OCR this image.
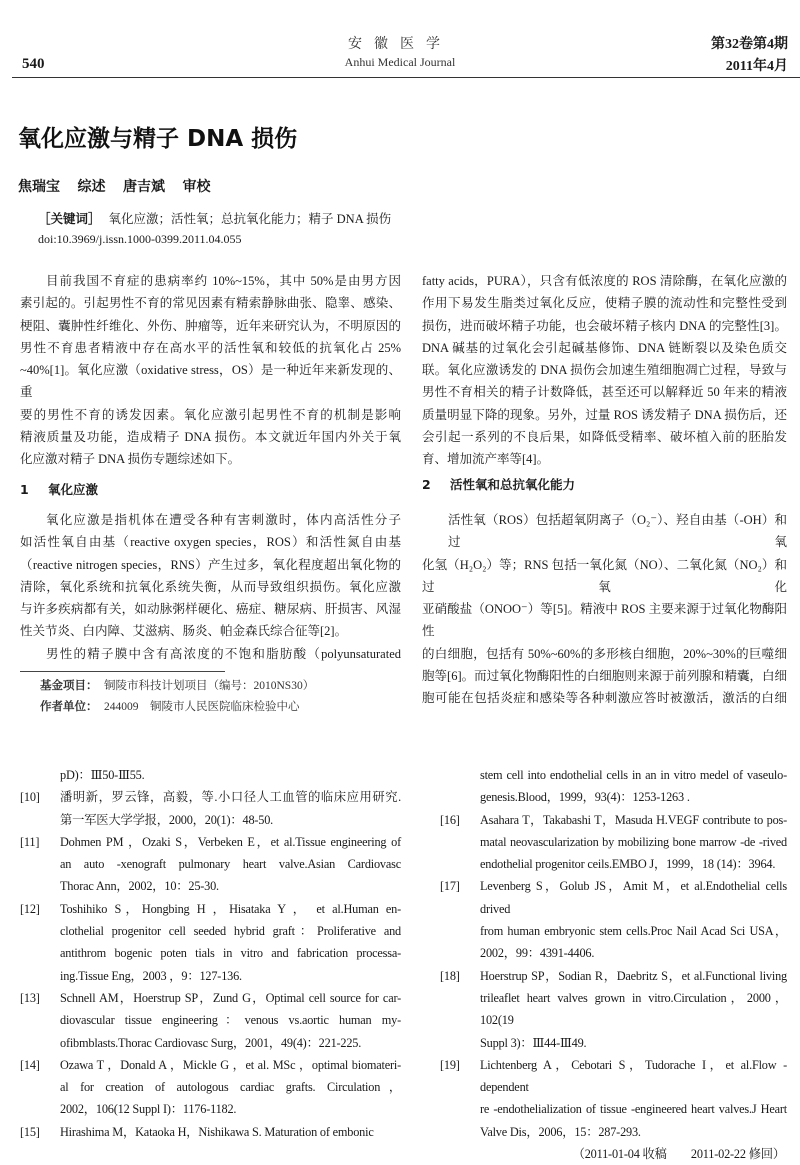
安徽医学
Anhui Medical Journal
540
第32卷第4期
2011年4月
氧化应激与精子 DNA 损伤
焦瑞宝 综述 唐吉斌 审校
［关键词］ 氧化应激；活性氧；总抗氧化能力；精子 DNA 损伤
doi:10.3969/j.issn.1000-0399.2011.04.055
目前我国不育症的患病率约 10%~15%，其中 50%是由男方因
素引起的。引起男性不育的常见因素有精索静脉曲张、隐睾、感染、
梗阻、囊肿性纤维化、外伤、肿瘤等，近年来研究认为，不明原因的
男性不育患者精液中存在高水平的活性氧和较低的抗氧化占 25%
~40%[1]。氧化应激（oxidative stress，OS）是一种近年来新发现的、重
要的男性不育的诱发因素。氧化应激引起男性不育的机制是影响
精液质量及功能，造成精子 DNA 损伤。本文就近年国内外关于氧
化应激对精子 DNA 损伤专题综述如下。
1 氧化应激
氧化应激是指机体在遭受各种有害刺激时，体内高活性分子
如活性氧自由基（reactive oxygen species，ROS）和活性氮自由基
（reactive nitrogen species，RNS）产生过多，氧化程度超出氧化物的
清除，氧化系统和抗氧化系统失衡，从而导致组织损伤。氧化应激
与许多疾病都有关，如动脉粥样硬化、癌症、糖尿病、肝损害、风湿
性关节炎、白内障、艾滋病、肠炎、帕金森氏综合征等[2]。
男性的精子膜中含有高浓度的不饱和脂肪酸（polyunsaturated
基金项目： 铜陵市科技计划项目（编号：2010NS30）
作者单位： 244009　铜陵市人民医院临床检验中心
fatty acids，PURA），只含有低浓度的 ROS 清除酶，在氧化应激的
作用下易发生脂类过氧化反应，使精子膜的流动性和完整性受到
损伤，进而破坏精子功能，也会破坏精子核内 DNA 的完整性[3]。
DNA 碱基的过氧化会引起碱基修饰、DNA 链断裂以及染色质交
联。氧化应激诱发的 DNA 损伤会加速生殖细胞凋亡过程，导致与
男性不育相关的精子计数降低，甚至还可以解释近 50 年来的精液
质量明显下降的现象。另外，过量 ROS 诱发精子 DNA 损伤后，还
会引起一系列的不良后果，如降低受精率、破坏植入前的胚胎发
育、增加流产率等[4]。
2 活性氧和总抗氧化能力
活性氧（ROS）包括超氧阴离子（O₂⁻）、羟自由基（-OH）和过氧
化氢（H₂O₂）等；RNS 包括一氧化氮（NO）、二氧化氮（NO₂）和过氧化
亚硝酸盐（ONOO⁻）等[5]。精液中 ROS 主要来源于过氧化物酶阳性
的白细胞，包括有 50%~60%的多形核白细胞，20%~30%的巨噬细
胞等[6]。而过氧化物酶阳性的白细胞则来源于前列腺和精囊，白细
胞可能在包括炎症和感染等各种刺激应答时被激活，激活的白细
pD)：Ⅲ50-Ⅲ55.
[10] 潘明新，罗云锋，高毅，等.小口径人工血管的临床应用研究.
第一军医大学学报，2000，20(1)：48-50.
[11] Dohmen PM ，Ozaki S，Verbeken E，et al.Tissue engineering of
an auto -xenograft pulmonary heart valve.Asian Cardiovasc
Thorac Ann，2002，10：25-30.
[12] Toshihiko S，Hongbing H ，Hisataka Y ， et al.Human en-
clothelial progenitor cell seeded hybrid graft：Proliferative and
antithrom bogenic poten tials in vitro and fabrication processa-
ing.Tissue Eng，2003 ，9：127-136.
[13] Schnell AM，Hoerstrup SP，Zund G，Optimal cell source for car-
diovascular tissue engineering：venous vs.aortic human my-
ofibmblasts.Thorac Cardiovasc Surg，2001，49(4)：221-225.
[14] Ozawa T ，Donald A ，Mickle G ，et al. MSc ，optimal biomateri-
al for creation of autologous cardiac grafts. Circulation，
2002，106(12 Suppl I)：1176-1182.
[15] Hirashima M，Kataoka H，Nishikawa S. Maturation of embonic
stem cell into endothelial cells in an in vitro medel of vaseulo-
genesis.Blood，1999，93(4)：1253-1263 .
[16] Asahara T，Takabashi T，Masuda H.VEGF contribute to pos-
matal neovascularization by mobilizing bone marrow -de -rived
endothelial progenitor ceils.EMBO J，1999，18 (14)：3964.
[17] Levenberg S，Golub JS，Amit M，et al.Endothelial cells drived
from human embryonic stem cells.Proc Nail Acad Sci USA，
2002，99：4391-4406.
[18] Hoerstrup SP，Sodian R，Daebritz S，et al.Functional living
trileaflet heart valves grown in vitro.Circulation，2000，102(19
Suppl 3)：Ⅲ44-Ⅲ49.
[19] Lichtenberg A，Cebotari S，Tudorache I，et al.Flow -dependent
re -endothelialization of tissue -engineered heart valves.J Heart
Valve Dis，2006，15：287-293.
（2011-01-04 收稿　　2011-02-22 修回）
